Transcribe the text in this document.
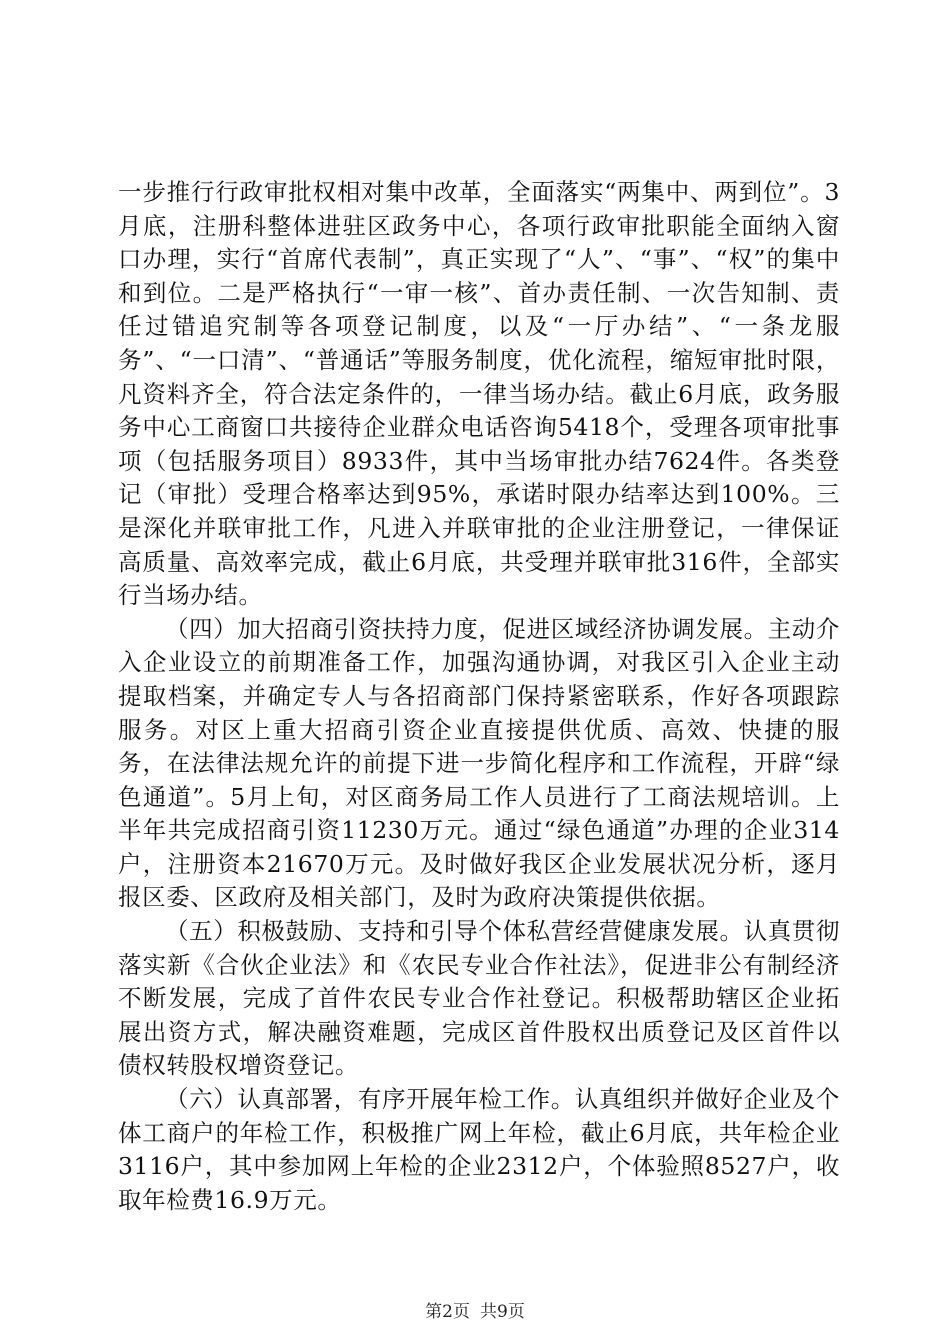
一步推行行政审批权相对集中改革，全面落实“两集中、两到位”。3月底，注册科整体进驻区政务中心，各项行政审批职能全面纳入窗口办理，实行“首席代表制”，真正实现了“人”、“事”、“权”的集中和到位。二是严格执行“一审一核”、首办责任制、一次告知制、责任过错追究制等各项登记制度，以及“一厅办结”、“一条龙服务”、“一口清”、“普通话”等服务制度，优化流程，缩短审批时限，凡资料齐全，符合法定条件的，一律当场办结。截止6月底，政务服务中心工商窗口共接待企业群众电话咨询5418个，受理各项审批事项（包括服务项目）8933件，其中当场审批办结7624件。各类登记（审批）受理合格率达到95%，承诺时限办结率达到100%。三是深化并联审批工作，凡进入并联审批的企业注册登记，一律保证高质量、高效率完成，截止6月底，共受理并联审批316件，全部实行当场办结。

（四）加大招商引资扶持力度，促进区域经济协调发展。主动介入企业设立的前期准备工作，加强沟通协调，对我区引入企业主动提取档案，并确定专人与各招商部门保持紧密联系，作好各项跟踪服务。对区上重大招商引资企业直接提供优质、高效、快捷的服务，在法律法规允许的前提下进一步简化程序和工作流程，开辟“绿色通道”。5月上旬，对区商务局工作人员进行了工商法规培训。上半年共完成招商引资11230万元。通过“绿色通道”办理的企业314户，注册资本21670万元。及时做好我区企业发展状况分析，逐月报区委、区政府及相关部门，及时为政府决策提供依据。

（五）积极鼓励、支持和引导个体私营经营健康发展。认真贯彻落实新《合伙企业法》和《农民专业合作社法》，促进非公有制经济不断发展，完成了首件农民专业合作社登记。积极帮助辖区企业拓展出资方式，解决融资难题，完成区首件股权出质登记及区首件以债权转股权增资登记。

（六）认真部署，有序开展年检工作。认真组织并做好企业及个体工商户的年检工作，积极推广网上年检，截止6月底，共年检企业3116户，其中参加网上年检的企业2312户，个体验照8527户，收取年检费16.9万元。

第2页 共9页
